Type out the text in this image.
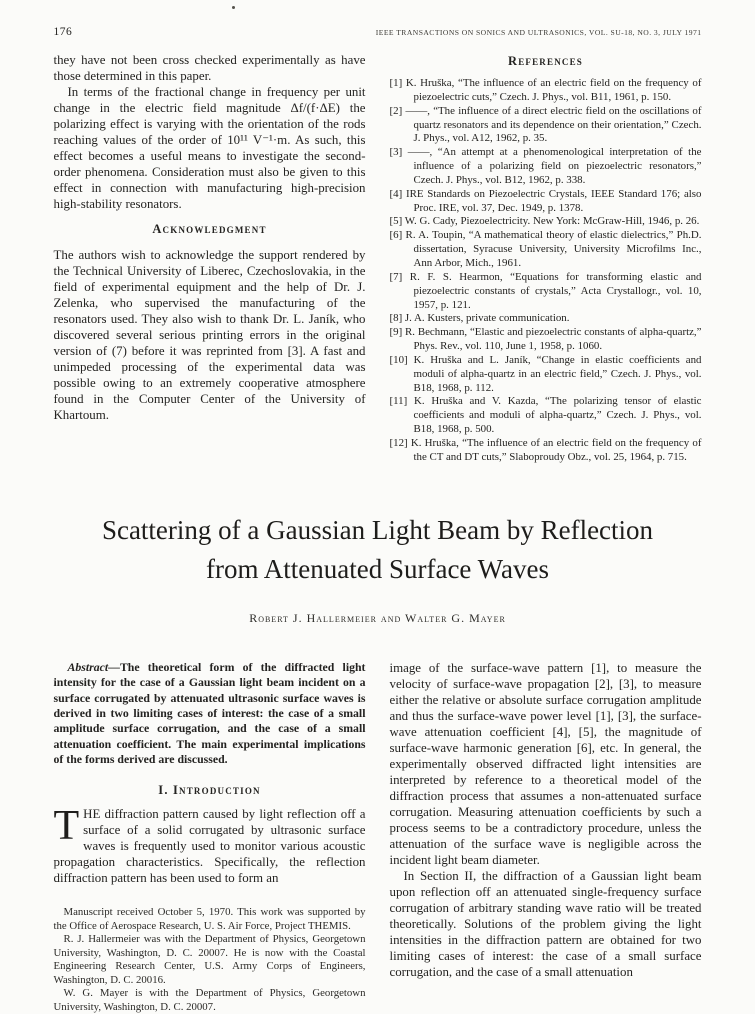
176	IEEE TRANSACTIONS ON SONICS AND ULTRASONICS, VOL. SU-18, NO. 3, JULY 1971

they have not been cross checked experimentally as have those determined in this paper.

In terms of the fractional change in frequency per unit change in the electric field magnitude Δf/(f·ΔE) the polarizing effect is varying with the orientation of the rods reaching values of the order of 10¹¹ V⁻¹·m. As such, this effect becomes a useful means to investigate the second-order phenomena. Consideration must also be given to this effect in connection with manufacturing high-precision high-stability resonators.

Acknowledgment

The authors wish to acknowledge the support rendered by the Technical University of Liberec, Czechoslovakia, in the field of experimental equipment and the help of Dr. J. Zelenka, who supervised the manufacturing of the resonators used. They also wish to thank Dr. L. Janík, who discovered several serious printing errors in the original version of (7) before it was reprinted from [3]. A fast and unimpeded processing of the experimental data was possible owing to an extremely cooperative atmosphere found in the Computer Center of the University of Khartoum.

References
[1] K. Hruška, “The influence of an electric field on the frequency of piezoelectric cuts,” Czech. J. Phys., vol. B11, 1961, p. 150.
[2] ——, “The influence of a direct electric field on the oscillations of quartz resonators and its dependence on their orientation,” Czech. J. Phys., vol. A12, 1962, p. 35.
[3] ——, “An attempt at a phenomenological interpretation of the influence of a polarizing field on piezoelectric resonators,” Czech. J. Phys., vol. B12, 1962, p. 338.
[4] IRE Standards on Piezoelectric Crystals, IEEE Standard 176; also Proc. IRE, vol. 37, Dec. 1949, p. 1378.
[5] W. G. Cady, Piezoelectricity. New York: McGraw-Hill, 1946, p. 26.
[6] R. A. Toupin, “A mathematical theory of elastic dielectrics,” Ph.D. dissertation, Syracuse University, University Microfilms Inc., Ann Arbor, Mich., 1961.
[7] R. F. S. Hearmon, “Equations for transforming elastic and piezoelectric constants of crystals,” Acta Crystallogr., vol. 10, 1957, p. 121.
[8] J. A. Kusters, private communication.
[9] R. Bechmann, “Elastic and piezoelectric constants of alpha-quartz,” Phys. Rev., vol. 110, June 1, 1958, p. 1060.
[10] K. Hruška and L. Janík, “Change in elastic coefficients and moduli of alpha-quartz in an electric field,” Czech. J. Phys., vol. B18, 1968, p. 112.
[11] K. Hruška and V. Kazda, “The polarizing tensor of elastic coefficients and moduli of alpha-quartz,” Czech. J. Phys., vol. B18, 1968, p. 500.
[12] K. Hruška, “The influence of an electric field on the frequency of the CT and DT cuts,” Slaboproudy Obz., vol. 25, 1964, p. 715.
Scattering of a Gaussian Light Beam by Reflection
from Attenuated Surface Waves
Robert J. Hallermeier and Walter G. Mayer

Abstract—The theoretical form of the diffracted light intensity for the case of a Gaussian light beam incident on a surface corrugated by attenuated ultrasonic surface waves is derived in two limiting cases of interest: the case of a small amplitude surface corrugation, and the case of a small attenuation coefficient. The main experimental implications of the forms derived are discussed.

I. Introduction
THE diffraction pattern caused by light reflection off a surface of a solid corrugated by ultrasonic surface waves is frequently used to monitor various acoustic propagation characteristics. Specifically, the reflection diffraction pattern has been used to form an

Manuscript received October 5, 1970. This work was supported by the Office of Aerospace Research, U. S. Air Force, Project THEMIS.

R. J. Hallermeier was with the Department of Physics, Georgetown University, Washington, D. C. 20007. He is now with the Coastal Engineering Research Center, U.S. Army Corps of Engineers, Washington, D. C. 20016.

W. G. Mayer is with the Department of Physics, Georgetown University, Washington, D. C. 20007.

image of the surface-wave pattern [1], to measure the velocity of surface-wave propagation [2], [3], to measure either the relative or absolute surface corrugation amplitude and thus the surface-wave power level [1], [3], the surface-wave attenuation coefficient [4], [5], the magnitude of surface-wave harmonic generation [6], etc. In general, the experimentally observed diffracted light intensities are interpreted by reference to a theoretical model of the diffraction process that assumes a non-attenuated surface corrugation. Measuring attenuation coefficients by such a process seems to be a contradictory procedure, unless the attenuation of the surface wave is negligible across the incident light beam diameter.

In Section II, the diffraction of a Gaussian light beam upon reflection off an attenuated single-frequency surface corrugation of arbitrary standing wave ratio will be treated theoretically. Solutions of the problem giving the light intensities in the diffraction pattern are obtained for two limiting cases of interest: the case of a small surface corrugation, and the case of a small attenuation
